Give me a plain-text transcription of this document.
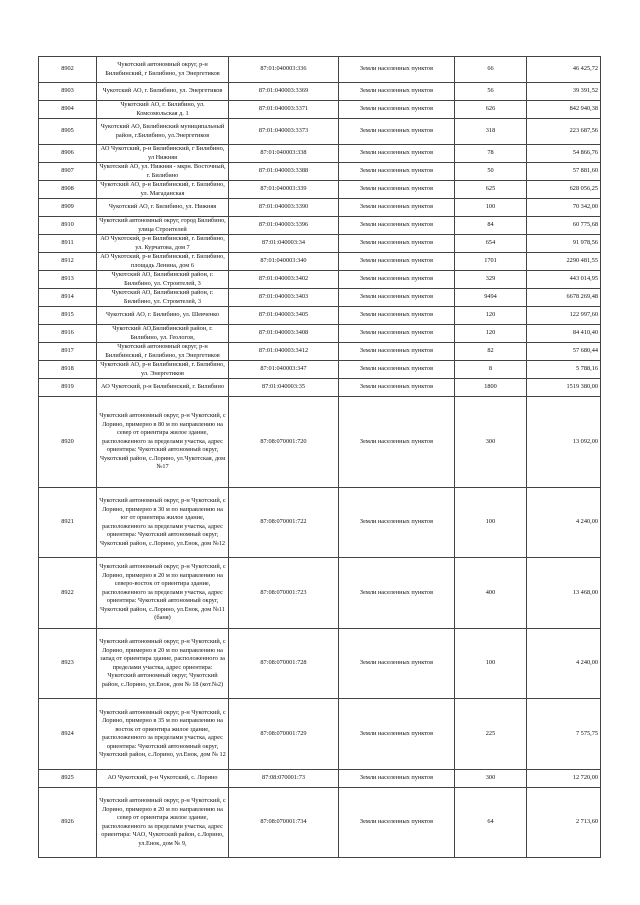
8902	Чукотский автономный округ, р-н Билибинский, г Билибино, ул Энергетиков	87:01:040003:336	Земли населенных пунктов	66	46 425,72
8903	Чукотский АО, г. Билибино, ул. Энергетиков	87:01:040003:3369	Земли населенных пунктов	56	39 391,52
8904	Чукотский АО, г. Билибино, ул. Комсомольская д. 1	87:01:040003:3371	Земли населенных пунктов	626	842 940,38
8905	Чукотский АО, Билибинский муниципальный район, г.Билибино, ул.Энергетиков	87:01:040003:3373	Земли населенных пунктов	318	223 687,56
8906	АО Чукотский, р-н Билибинский, г Билибино, ул Нижняя	87:01:040003:338	Земли населенных пунктов	78	54 866,76
8907	Чукотский АО, ул. Нижняя - мкрн. Восточный, г. Билибино	87:01:040003:3388	Земли населенных пунктов	50	57 881,60
8908	Чукотский АО, р-н Билибинский, г. Билибино, ул. Магаданская	87:01:040003:339	Земли населенных пунктов	625	628 056,25
8909	Чукотский АО, г. Билибино, ул. Нижняя	87:01:040003:3390	Земли населенных пунктов	100	70 342,00
8910	Чукотский автономный округ, город Билибино, улица Строителей	87:01:040003:3396	Земли населенных пунктов	84	60 775,68
8911	АО Чукотский, р-н Билибинский, г. Билибино, ул. Курчатова, дом 7	87:01:040003:34	Земли населенных пунктов	654	91 978,56
8912	АО Чукотский, р-н Билибинский, г. Билибино, площадь Ленина, дом 6	87:01:040003:340	Земли населенных пунктов	1701	2290 481,55
8913	Чукотский АО, Билибинский район, г. Билибино, ул. Строителей, 3	87:01:040003:3402	Земли населенных пунктов	329	443 014,95
8914	Чукотский АО, Билибинский район, г. Билибино, ул. Стромтелей, 3	87:01:040003:3403	Земли населенных пунктов	9494	6678 269,48
8915	Чукотский АО, г. Билибино, ул. Шевченко	87:01:040003:3405	Земли населенных пунктов	120	122 997,60
8916	Чукотский АО,Билибинский район, г. Билибино, ул. Геологов,	87:01:040003:3408	Земли населенных пунктов	120	84 410,40
8917	Чукотский автономный округ, р-н Билибинский, г Билибино, ул Энергетиков	87:01:040003:3412	Земли населенных пунктов	82	57 680,44
8918	Чукотский АО, р-н Билибинский, г. Билибино, ул. Энергетиков	87:01:040003:347	Земли населенных пунктов	8	5 788,16
8919	АО Чукотский, р-н Билибинский, г. Билибино	87:01:040003:35	Земли населенных пунктов	1800	1519 380,00
8920	Чукотский автономный округ, р-н Чукотский, с Лорино, примерно в 80 м по направлению на север от ориентира жилое здание, расположенного за пределами участка, адрес ориентира: Чукотский автономный округ, Чукотский район, с.Лорино, ул.Чукотская, дом №17	87:08:070001:720	Земли населенных пунктов	300	13 092,00
8921	Чукотский автономный округ, р-н Чукотский, с Лорино, примерно в 30 м по направлению на юг от ориентира жилое здание, расположенного за пределами участка, адрес ориентира: Чукотский автономный округ, Чукотский район, с.Лорино, ул.Енок, дом №12	87:08:070001:722	Земли населенных пунктов	100	4 240,00
8922	Чукотский автономный округ, р-н Чукотский, с Лорино, примерно в 20 м по направлению на северо-восток от ориентира здание, расположенного за пределами участка, адрес ориентира: Чукотский автономный округ, Чукотский район, с.Лорино, ул.Енок, дом №11 (баня)	87:08:070001:723	Земли населенных пунктов	400	13 468,00
8923	Чукотский автономный округ, р-н Чукотский, с Лорино, примерно в 20 м по направлению на запад от ориентира здание, расположенного за пределами участка, адрес ориентира: Чукотский автономный округ, Чукотский район, с.Лорино, ул.Енок, дом № 18 (кот.№2)	87:08:070001:728	Земли населенных пунктов	100	4 240,00
8924	Чукотский автономный округ, р-н Чукотский, с Лорино, примерно в 35 м по направлению на восток от ориентира жилое здание, расположенного за пределами участка, адрес ориентира: Чукотский автономный округ, Чукотский район, с.Лорино, ул.Енок, дом № 12	87:08:070001:729	Земли населенных пунктов	225	7 575,75
8925	АО Чукотский, р-н Чукотский, с. Лорино	87:08:070001:73	Земли населенных пунктов	300	12 720,00
8926	Чукотский автономный округ, р-н Чукотский, с Лорино, примерно в 20 м по направлению на север от ориентира жилое здание, расположенного за пределами участка, адрес ориентира: ЧАО, Чукотский район, с.Лорино, ул.Енок, дом № 9,	87:08:070001:734	Земли населенных пунктов	64	2 713,60
